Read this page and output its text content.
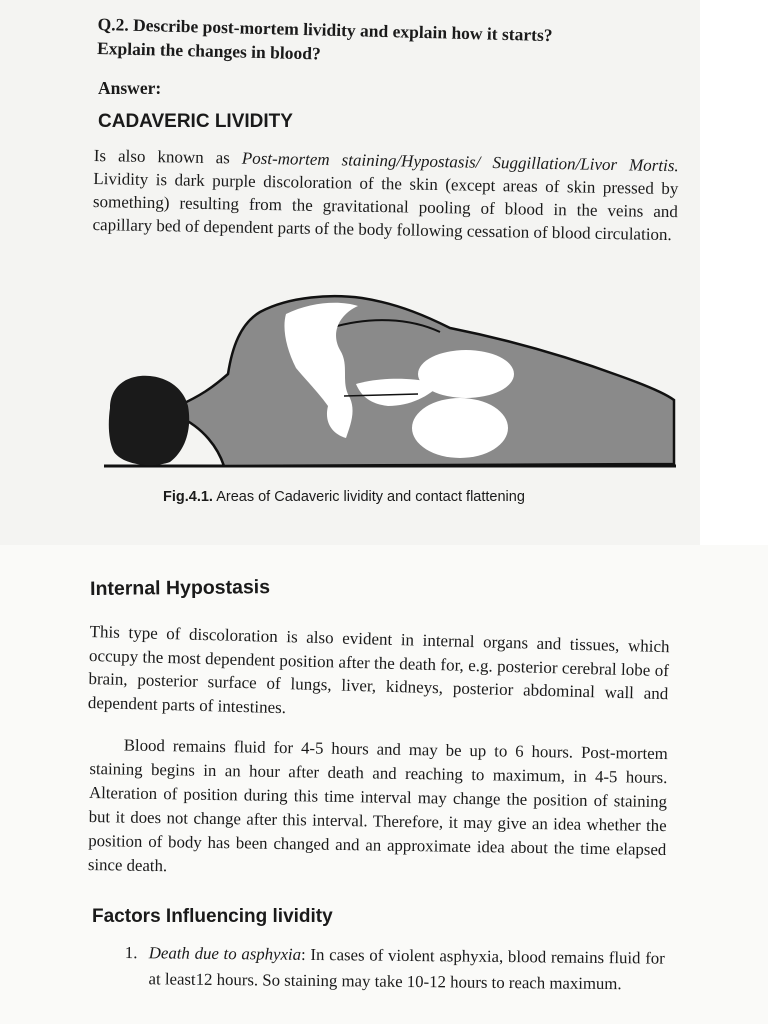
Q.2. Describe post-mortem lividity and explain how it starts?
Explain the changes in blood?
Answer:
CADAVERIC LIVIDITY
Is also known as Post-mortem staining/Hypostasis/ Suggillation/Livor Mortis. Lividity is dark purple discoloration of the skin (except areas of skin pressed by something) resulting from the gravitational pooling of blood in the veins and capillary bed of dependent parts of the body following cessation of blood circulation.
Fig.4.1. Areas of Cadaveric lividity and contact flattening
Internal Hypostasis
This type of discoloration is also evident in internal organs and tissues, which occupy the most dependent position after the death for, e.g. posterior cerebral lobe of brain, posterior surface of lungs, liver, kidneys, posterior abdominal wall and dependent parts of intestines.
Blood remains fluid for 4-5 hours and may be up to 6 hours. Post-mortem staining begins in an hour after death and reaching to maximum, in 4-5 hours. Alteration of position during this time interval may change the position of staining but it does not change after this interval. Therefore, it may give an idea whether the position of body has been changed and an approximate idea about the time elapsed since death.
Factors Influencing lividity
1. Death due to asphyxia: In cases of violent asphyxia, blood remains fluid for at least12 hours. So staining may take 10-12 hours to reach maximum.
